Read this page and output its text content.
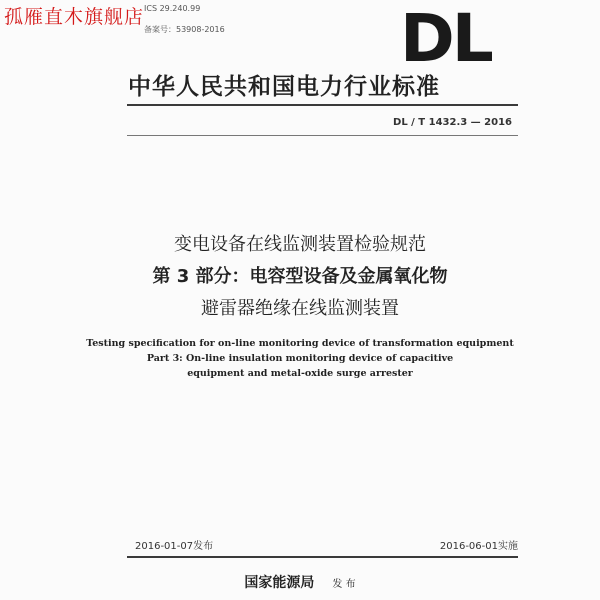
孤雁直木旗舰店 ICS 29.240.99
备案号：53908-2016	DL
中华人民共和国电力行业标准
DL / T 1432.3 — 2016
变电设备在线监测装置检验规范
第 3 部分：电容型设备及金属氧化物
避雷器绝缘在线监测装置
Testing specification for on-line monitoring device of transformation equipment
Part 3: On-line insulation monitoring device of capacitive
equipment and metal-oxide surge arrester
2016-01-07发布	2016-06-01实施
国家能源局 发 布
